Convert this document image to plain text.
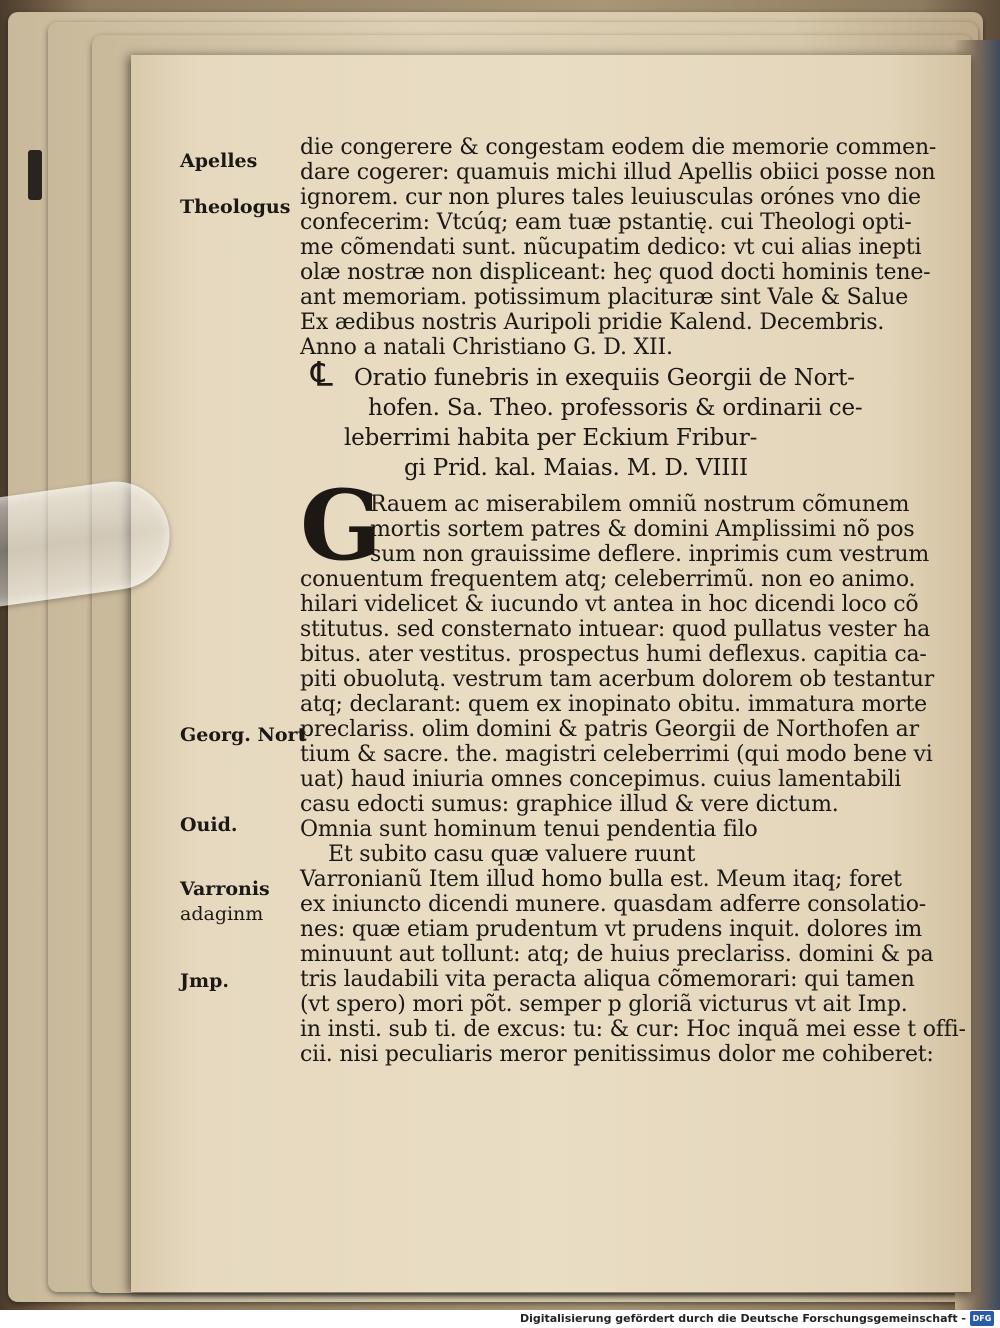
Apelles
Theologus
Georg. Nort
Ouid.
Varronis
adaginm
Jmp.
die congerere & congestam eodem die memorie commen-
dare cogerer: quamuis michi illud Apellis obiici posse non
ignorem. cur non plures tales leuiusculas orónes vno die
confecerim: Vtcúq; eam tuæ pstantię. cui Theologi opti-
me cõmendati sunt. nũcupatim dedico: vt cui alias inepti
olæ nostræ non displiceant: heç quod docti hominis tene-
ant memoriam. potissimum placituræ sint Vale & Salue
Ex ædibus nostris Auripoli pridie Kalend. Decembris.
Anno a natali Christiano G. D. XII.
℄ Oratio funebris in exequiis Georgii de Nort-
hofen. Sa. Theo. professoris & ordinarii ce-
leberrimi habita per Eckium Fribur-
gi Prid. kal. Maias. M. D. VIIII
G
Rauem ac miserabilem omniũ nostrum cõmunem
mortis sortem patres & domini Amplissimi nõ pos
sum non grauissime deflere. inprimis cum vestrum
conuentum frequentem atq; celeberrimũ. non eo animo.
hilari videlicet & iucundo vt antea in hoc dicendi loco cõ
stitutus. sed consternato intuear: quod pullatus vester ha
bitus. ater vestitus. prospectus humi deflexus. capitia ca-
piti obuolutą. vestrum tam acerbum dolorem ob testantur
atq; declarant: quem ex inopinato obitu. immatura morte
preclariss. olim domini & patris Georgii de Northofen ar
tium & sacre. the. magistri celeberrimi (qui modo bene vi
uat) haud iniuria omnes concepimus. cuius lamentabili
casu edocti sumus: graphice illud & vere dictum.
Omnia sunt hominum tenui pendentia filo
Et subito casu quæ valuere ruunt
Varronianũ Item illud homo bulla est. Meum itaq; foret
ex iniuncto dicendi munere. quasdam adferre consolatio-
nes: quæ etiam prudentum vt prudens inquit. dolores im
minuunt aut tollunt: atq; de huius preclariss. domini & pa
tris laudabili vita peracta aliqua cõmemorari: qui tamen
(vt spero) mori põt. semper p gloriã victurus vt ait Imp.
in insti. sub ti. de excus: tu: & cur: Hoc inquã mei esse t offi-
cii. nisi peculiaris meror penitissimus dolor me cohiberet:
Digitalisierung gefördert durch die Deutsche Forschungsgemeinschaft - DFG
